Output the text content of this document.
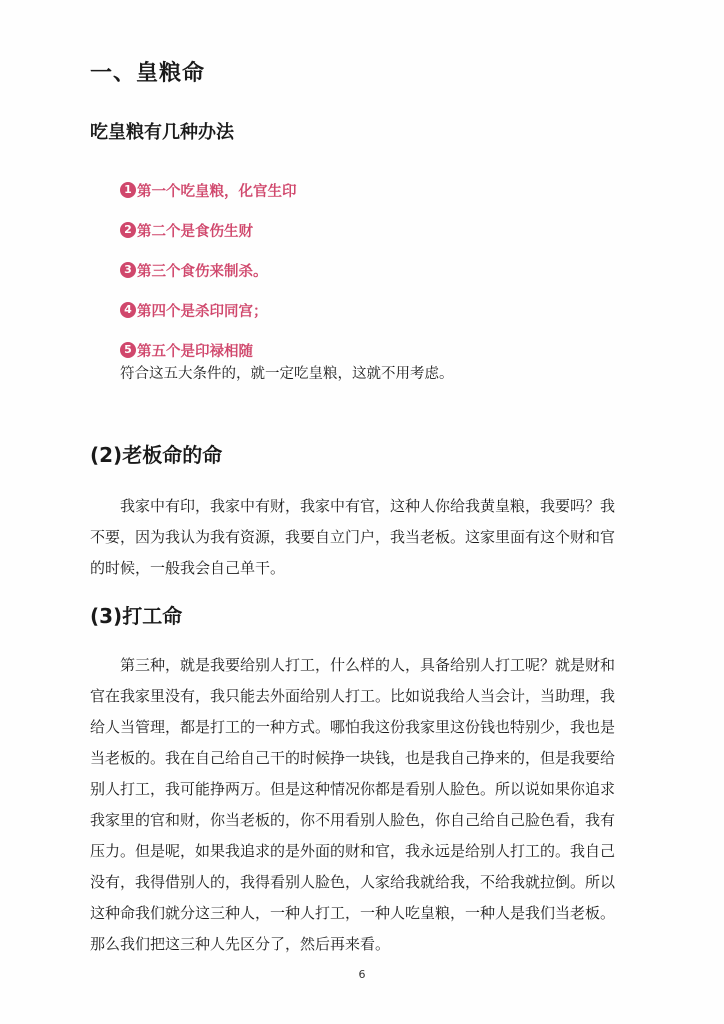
一、皇粮命
吃皇粮有几种办法
1 第一个吃皇粮，化官生印
2 第二个是食伤生财
3 第三个食伤来制杀。
4 第四个是杀印同宫；
5 第五个是印禄相随
符合这五大条件的，就一定吃皇粮，这就不用考虑。
(2)老板命的命
　　我家中有印，我家中有财，我家中有官，这种人你给我黄皇粮，我要吗？我
不要，因为我认为我有资源，我要自立门户，我当老板。这家里面有这个财和官
的时候，一般我会自己单干。
(3)打工命
　　第三种，就是我要给别人打工，什么样的人，具备给别人打工呢？就是财和
官在我家里没有，我只能去外面给别人打工。比如说我给人当会计，当助理，我
给人当管理，都是打工的一种方式。哪怕我这份我家里这份钱也特别少，我也是
当老板的。我在自己给自己干的时候挣一块钱，也是我自己挣来的，但是我要给
别人打工，我可能挣两万。但是这种情况你都是看别人脸色。所以说如果你追求
我家里的官和财，你当老板的，你不用看别人脸色，你自己给自己脸色看，我有
压力。但是呢，如果我追求的是外面的财和官，我永远是给别人打工的。我自己
没有，我得借别人的，我得看别人脸色，人家给我就给我，不给我就拉倒。所以
这种命我们就分这三种人，一种人打工，一种人吃皇粮，一种人是我们当老板。
那么我们把这三种人先区分了，然后再来看。
6
